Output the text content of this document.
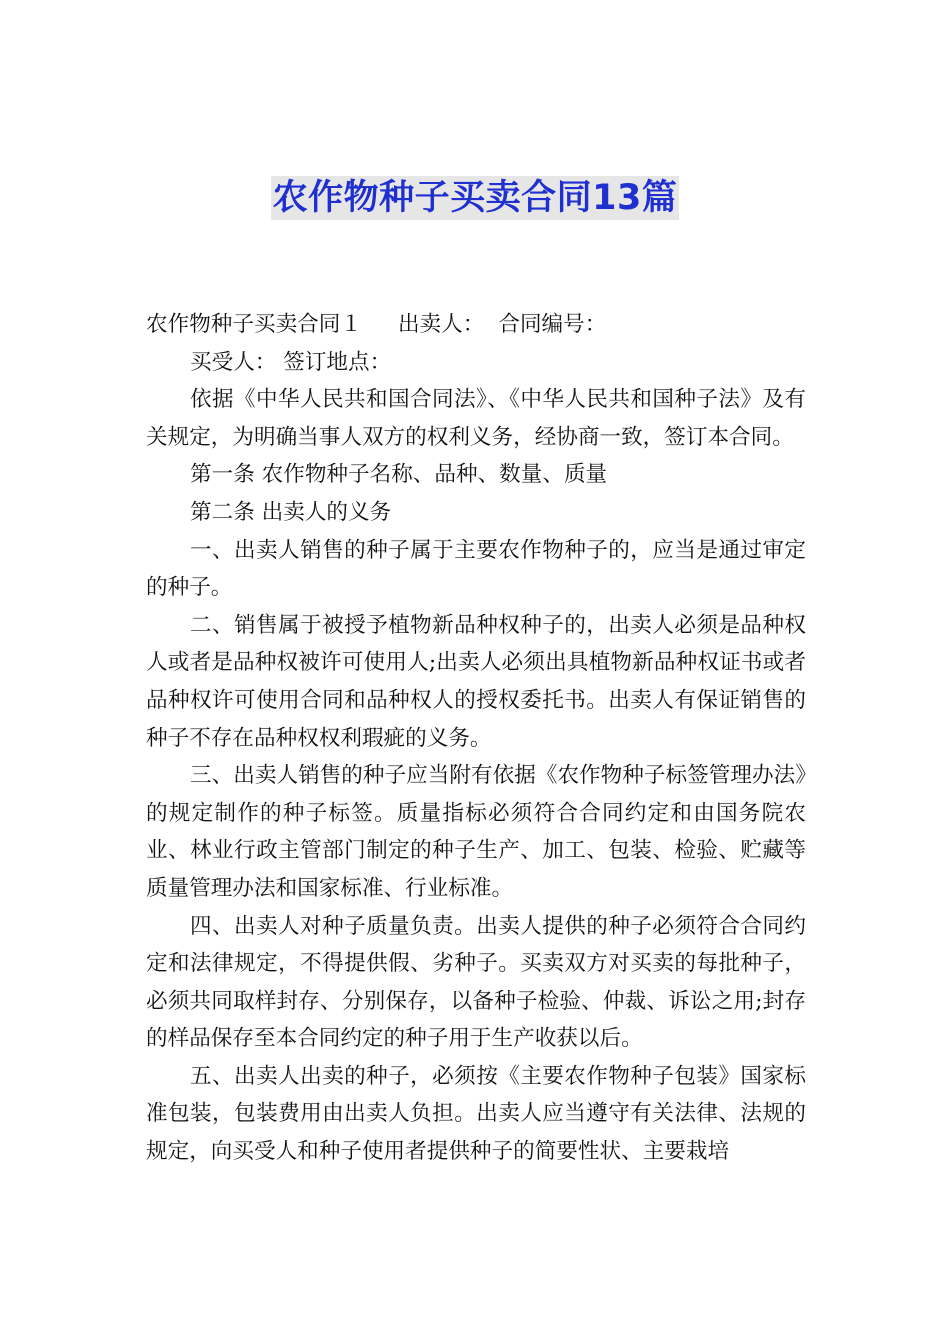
农作物种子买卖合同13篇

农作物种子买卖合同１ 出卖人： 合同编号：

买受人： 签订地点：

依据《中华人民共和国合同法》、《中华人民共和国种子法》及有关规定，为明确当事人双方的权利义务，经协商一致，签订本合同。

第一条 农作物种子名称、品种、数量、质量

第二条 出卖人的义务

一、出卖人销售的种子属于主要农作物种子的，应当是通过审定的种子。

二、销售属于被授予植物新品种权种子的，出卖人必须是品种权人或者是品种权被许可使用人;出卖人必须出具植物新品种权证书或者品种权许可使用合同和品种权人的授权委托书。出卖人有保证销售的种子不存在品种权权利瑕疵的义务。

三、出卖人销售的种子应当附有依据《农作物种子标签管理办法》的规定制作的种子标签。质量指标必须符合合同约定和由国务院农业、林业行政主管部门制定的种子生产、加工、包装、检验、贮藏等质量管理办法和国家标准、行业标准。

四、出卖人对种子质量负责。出卖人提供的种子必须符合合同约定和法律规定，不得提供假、劣种子。买卖双方对买卖的每批种子，必须共同取样封存、分别保存，以备种子检验、仲裁、诉讼之用;封存的样品保存至本合同约定的种子用于生产收获以后。

五、出卖人出卖的种子，必须按《主要农作物种子包装》国家标准包装，包装费用由出卖人负担。出卖人应当遵守有关法律、法规的规定，向买受人和种子使用者提供种子的简要性状、主要栽培
